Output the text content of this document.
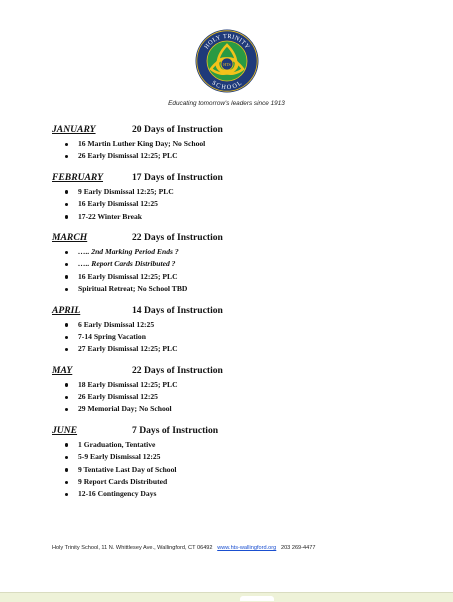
HTS
HOLY TRINITY
SCHOOL
Educating tomorrow's leaders since 1913
JANUARY	20 Days of Instruction
16 Martin Luther King Day; No School
26 Early Dismissal 12:25; PLC
FEBRUARY	17 Days of Instruction
9 Early Dismissal 12:25; PLC
16 Early Dismissal 12:25
17-22 Winter Break
MARCH	22 Days of Instruction
….. 2nd Marking Period Ends ?
….. Report Cards Distributed ?
16 Early Dismissal 12:25; PLC
Spiritual Retreat; No School TBD
APRIL	14 Days of Instruction
6 Early Dismissal 12:25
7-14 Spring Vacation
27 Early Dismissal 12:25; PLC
MAY	22 Days of Instruction
18 Early Dismissal 12:25; PLC
26 Early Dismissal 12:25
29 Memorial Day; No School
JUNE	7 Days of Instruction
1 Graduation, Tentative
5-9 Early Dismissal 12:25
9 Tentative Last Day of School
9 Report Cards Distributed
12-16 Contingency Days
Holy Trinity School, 11 N. Whittlesey Ave., Wallingford, CT 06492 www.hts-wallingford.org 203 269-4477
